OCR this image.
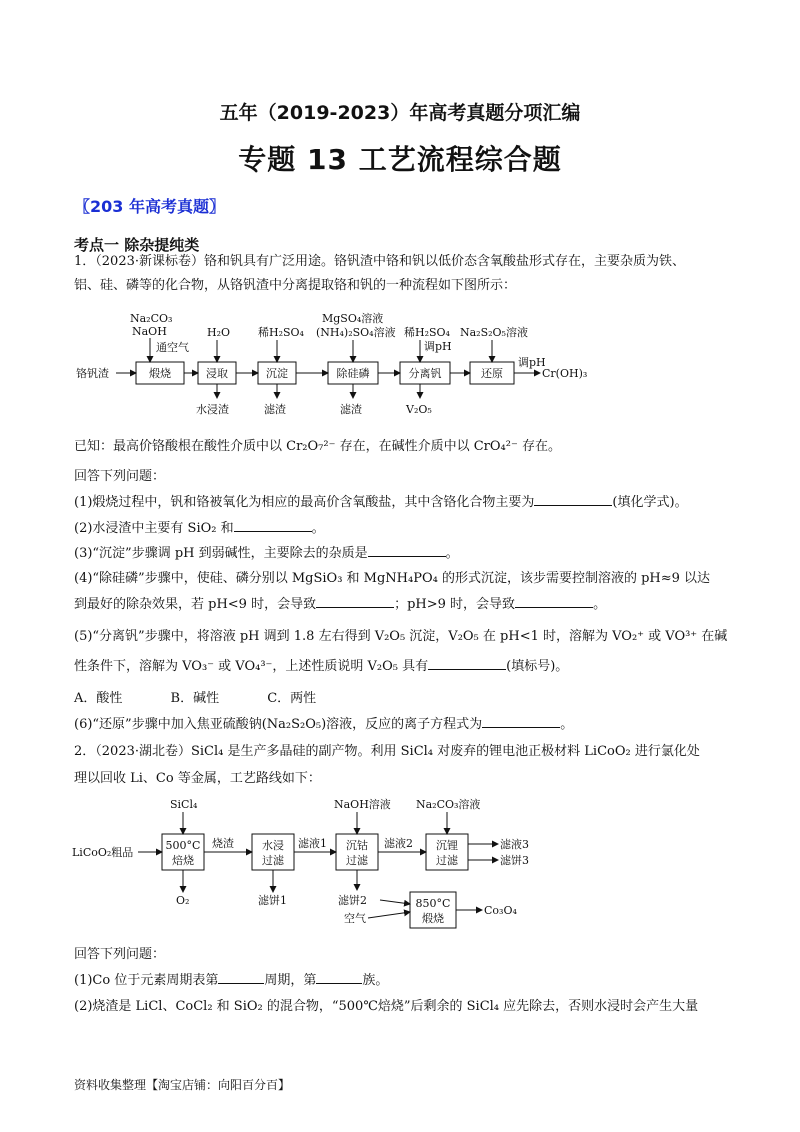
五年（2019-2023）年高考真题分项汇编
专题 13 工艺流程综合题
〖203 年高考真题〗
考点一 除杂提纯类
1．（2023·新课标卷）铬和钒具有广泛用途。铬钒渣中铬和钒以低价态含氧酸盐形式存在，主要杂质为铁、
铝、硅、磷等的化合物，从铬钒渣中分离提取铬和钒的一种流程如下图所示：
铬钒渣	煅烧
Na₂CO₃
NaOH
通空气
浸取
H₂O
水浸渣
沉淀
稀H₂SO₄
滤渣
除硅磷
MgSO₄溶液
(NH₄)₂SO₄溶液
滤渣
分离钒
稀H₂SO₄
调pH
V₂O₅
还原
Na₂S₂O₅溶液
调pH
Cr(OH)₃
已知：最高价铬酸根在酸性介质中以 Cr₂O₇²⁻ 存在，在碱性介质中以 CrO₄²⁻ 存在。
回答下列问题：
(1)煅烧过程中，钒和铬被氧化为相应的最高价含氧酸盐，其中含铬化合物主要为	(填化学式)。
(2)水浸渣中主要有 SiO₂ 和	。
(3)“沉淀”步骤调 pH 到弱碱性，主要除去的杂质是	。
(4)“除硅磷”步骤中，使硅、磷分别以 MgSiO₃ 和 MgNH₄PO₄ 的形式沉淀，该步需要控制溶液的 pH≈9 以达
到最好的除杂效果，若 pH<9 时，会导致	；pH>9 时，会导致	。
(5)“分离钒”步骤中，将溶液 pH 调到 1.8 左右得到 V₂O₅ 沉淀，V₂O₅ 在 pH<1 时，溶解为 VO₂⁺ 或 VO³⁺ 在碱
性条件下，溶解为 VO₃⁻ 或 VO₄³⁻，上述性质说明 V₂O₅ 具有	(填标号)。
A．酸性	B．碱性	C．两性
(6)“还原”步骤中加入焦亚硫酸钠(Na₂S₂O₅)溶液，反应的离子方程式为	。
2．（2023·湖北卷）SiCl₄ 是生产多晶硅的副产物。利用 SiCl₄ 对废弃的锂电池正极材料 LiCoO₂ 进行氯化处
理以回收 Li、Co 等金属，工艺路线如下：
LiCoO₂粗品
500°C
焙烧
SiCl₄
O₂
烧渣	水浸
过滤
滤饼1
滤液1 沉钴
过滤
NaOH溶液
滤饼2
空气
850°C
煅烧
Co₃O₄
滤液2 沉锂
过滤
Na₂CO₃溶液
滤液3
滤饼3
回答下列问题：
(1)Co 位于元素周期表第	周期，第	族。
(2)烧渣是 LiCl、CoCl₂ 和 SiO₂ 的混合物，“500℃焙烧”后剩余的 SiCl₄ 应先除去，否则水浸时会产生大量
资料收集整理【淘宝店铺：向阳百分百】
